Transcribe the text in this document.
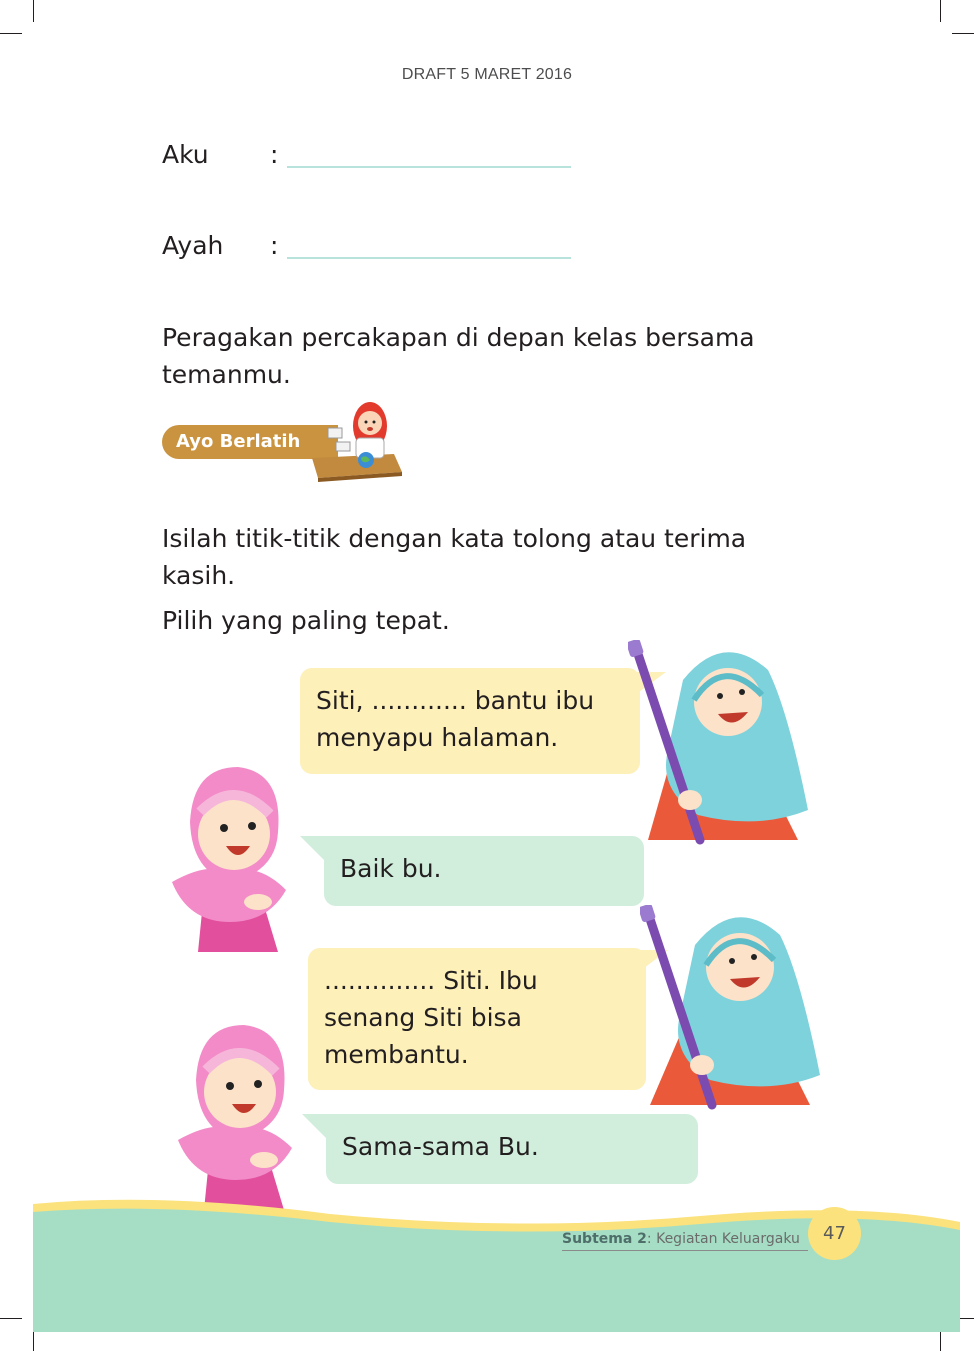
DRAFT 5 MARET 2016
Aku :
Ayah :
Peragakan percakapan di depan kelas bersama
temanmu.
Ayo Berlatih
Isilah titik-titik dengan kata tolong atau terima
kasih.
Pilih yang paling tepat.
Siti, ............ bantu ibu
menyapu halaman.
Baik bu.
.............. Siti. Ibu
senang Siti bisa
membantu.
Sama-sama Bu.
Subtema 2: Kegiatan Keluargaku	47
